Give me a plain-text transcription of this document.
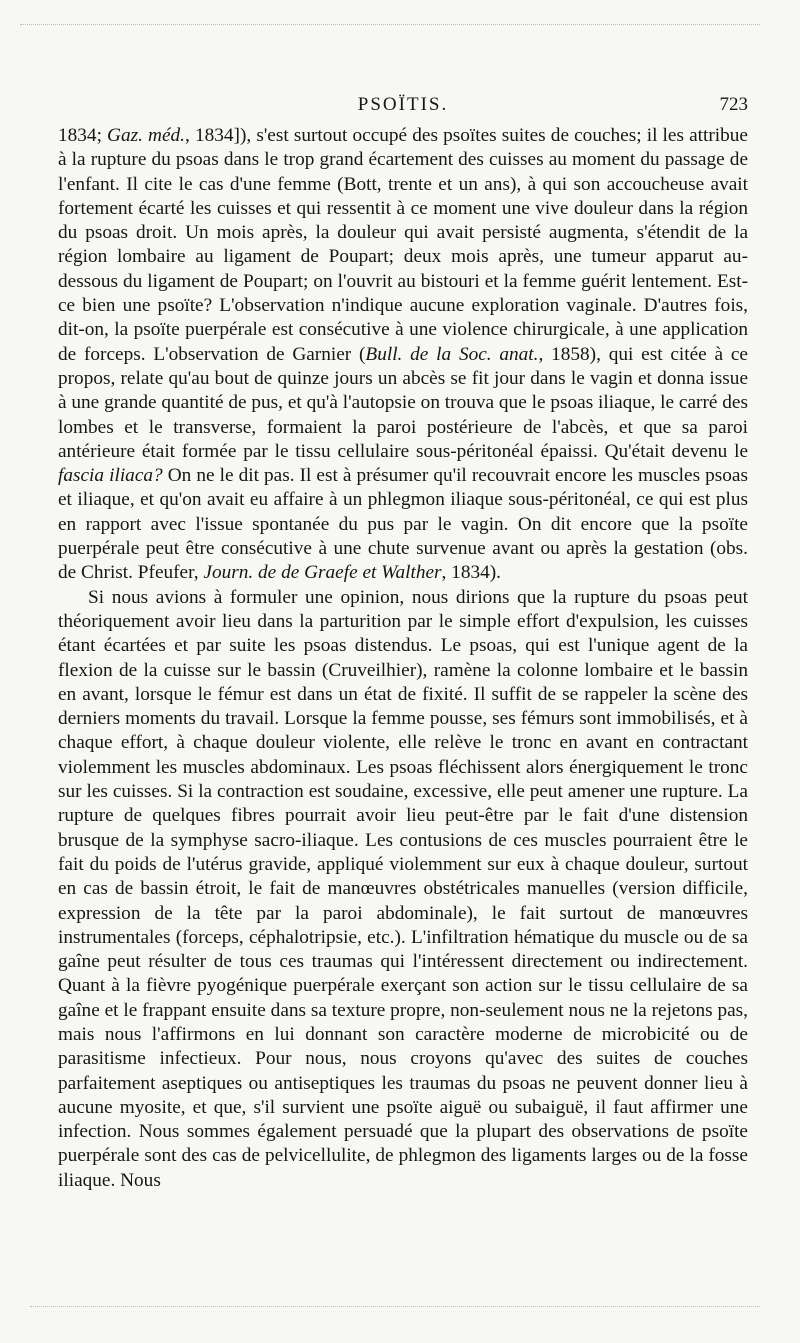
PSOÏTIS.	723

1834; Gaz. méd., 1834]), s'est surtout occupé des psoïtes suites de couches; il les attribue à la rupture du psoas dans le trop grand écartement des cuisses au moment du passage de l'enfant. Il cite le cas d'une femme (Bott, trente et un ans), à qui son accoucheuse avait fortement écarté les cuisses et qui ressentit à ce moment une vive douleur dans la région du psoas droit. Un mois après, la douleur qui avait persisté augmenta, s'étendit de la région lombaire au ligament de Poupart; deux mois après, une tumeur apparut au-dessous du ligament de Poupart; on l'ouvrit au bistouri et la femme guérit lentement. Est-ce bien une psoïte? L'observation n'indique aucune exploration vaginale. D'autres fois, dit-on, la psoïte puerpérale est consécutive à une violence chirurgicale, à une application de forceps. L'observation de Garnier (Bull. de la Soc. anat., 1858), qui est citée à ce propos, relate qu'au bout de quinze jours un abcès se fit jour dans le vagin et donna issue à une grande quantité de pus, et qu'à l'autopsie on trouva que le psoas iliaque, le carré des lombes et le transverse, formaient la paroi postérieure de l'abcès, et que sa paroi antérieure était formée par le tissu cellulaire sous-péritonéal épaissi. Qu'était devenu le fascia iliaca? On ne le dit pas. Il est à présumer qu'il recouvrait encore les muscles psoas et iliaque, et qu'on avait eu affaire à un phlegmon iliaque sous-péritonéal, ce qui est plus en rapport avec l'issue spontanée du pus par le vagin. On dit encore que la psoïte puerpérale peut être consécutive à une chute survenue avant ou après la gestation (obs. de Christ. Pfeufer, Journ. de de Graefe et Walther, 1834).

Si nous avions à formuler une opinion, nous dirions que la rupture du psoas peut théoriquement avoir lieu dans la parturition par le simple effort d'expulsion, les cuisses étant écartées et par suite les psoas distendus. Le psoas, qui est l'unique agent de la flexion de la cuisse sur le bassin (Cruveilhier), ramène la colonne lombaire et le bassin en avant, lorsque le fémur est dans un état de fixité. Il suffit de se rappeler la scène des derniers moments du travail. Lorsque la femme pousse, ses fémurs sont immobilisés, et à chaque effort, à chaque douleur violente, elle relève le tronc en avant en contractant violemment les muscles abdominaux. Les psoas fléchissent alors énergiquement le tronc sur les cuisses. Si la contraction est soudaine, excessive, elle peut amener une rupture. La rupture de quelques fibres pourrait avoir lieu peut-être par le fait d'une distension brusque de la symphyse sacro-iliaque. Les contusions de ces muscles pourraient être le fait du poids de l'utérus gravide, appliqué violemment sur eux à chaque douleur, surtout en cas de bassin étroit, le fait de manœuvres obstétricales manuelles (version difficile, expression de la tête par la paroi abdominale), le fait surtout de manœuvres instrumentales (forceps, céphalotripsie, etc.). L'infiltration hématique du muscle ou de sa gaîne peut résulter de tous ces traumas qui l'intéressent directement ou indirectement. Quant à la fièvre pyogénique puerpérale exerçant son action sur le tissu cellulaire de sa gaîne et le frappant ensuite dans sa texture propre, non-seulement nous ne la rejetons pas, mais nous l'affirmons en lui donnant son caractère moderne de microbicité ou de parasitisme infectieux. Pour nous, nous croyons qu'avec des suites de couches parfaitement aseptiques ou antiseptiques les traumas du psoas ne peuvent donner lieu à aucune myosite, et que, s'il survient une psoïte aiguë ou subaiguë, il faut affirmer une infection. Nous sommes également persuadé que la plupart des observations de psoïte puerpérale sont des cas de pelvicellulite, de phlegmon des ligaments larges ou de la fosse iliaque. Nous
